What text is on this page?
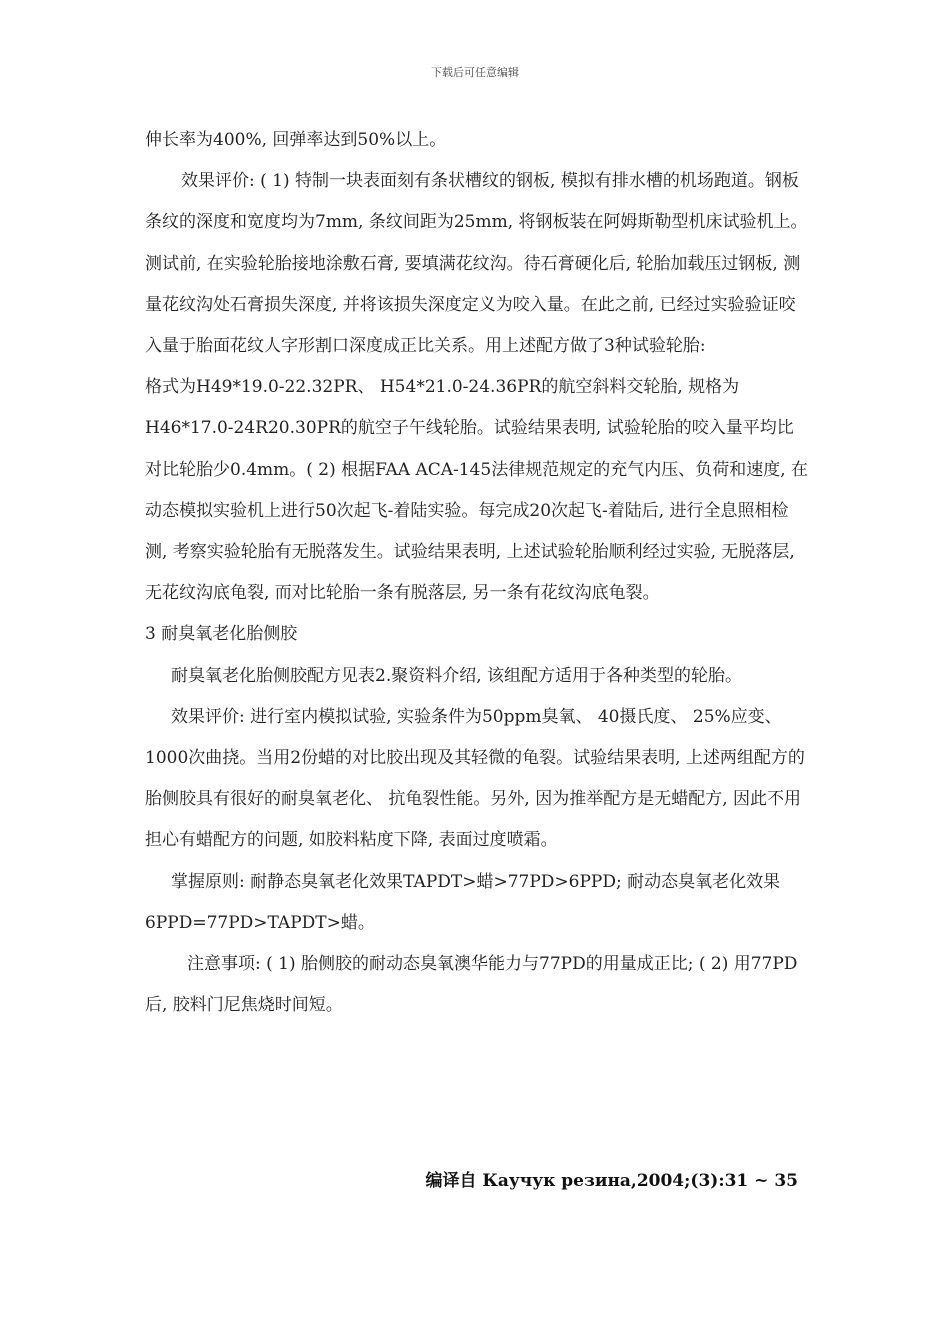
下载后可任意编辑

伸长率为400%, 回弹率达到50%以上。

效果评价: ( 1) 特制一块表面刻有条状槽纹的钢板, 模拟有排水槽的机场跑道。钢板条纹的深度和宽度均为7mm, 条纹间距为25mm, 将钢板装在阿姆斯勒型机床试验机上。测试前, 在实验轮胎接地涂敷石膏, 要填满花纹沟。待石膏硬化后, 轮胎加载压过钢板, 测量花纹沟处石膏损失深度, 并将该损失深度定义为咬入量。在此之前, 已经过实验验证咬入量于胎面花纹人字形割口深度成正比关系。用上述配方做了3种试验轮胎:

格式为H49*19.0-22.32PR、 H54*21.0-24.36PR的航空斜料交轮胎, 规格为H46*17.0-24R20.30PR的航空子午线轮胎。试验结果表明, 试验轮胎的咬入量平均比对比轮胎少0.4mm。( 2) 根据FAA ACA-145法律规范规定的充气内压、负荷和速度, 在动态模拟实验机上进行50次起飞-着陆实验。每完成20次起飞-着陆后, 进行全息照相检测, 考察实验轮胎有无脱落发生。试验结果表明, 上述试验轮胎顺利经过实验, 无脱落层, 无花纹沟底龟裂, 而对比轮胎一条有脱落层, 另一条有花纹沟底龟裂。

3 耐臭氧老化胎侧胶

耐臭氧老化胎侧胶配方见表2.聚资料介绍, 该组配方适用于各种类型的轮胎。

效果评价: 进行室内模拟试验, 实验条件为50ppm臭氧、 40摄氏度、 25%应变、 1000次曲挠。当用2份蜡的对比胶出现及其轻微的龟裂。试验结果表明, 上述两组配方的胎侧胶具有很好的耐臭氧老化、 抗龟裂性能。另外, 因为推举配方是无蜡配方, 因此不用担心有蜡配方的问题, 如胶料粘度下降, 表面过度喷霜。

掌握原则: 耐静态臭氧老化效果TAPDT>蜡>77PD>6PPD; 耐动态臭氧老化效果6PPD=77PD>TAPDT>蜡。

注意事项: ( 1) 胎侧胶的耐动态臭氧澳华能力与77PD的用量成正比; ( 2) 用77PD后, 胶料门尼焦烧时间短。

编译自 Каучук резина,2004;(3):31 ~ 35
